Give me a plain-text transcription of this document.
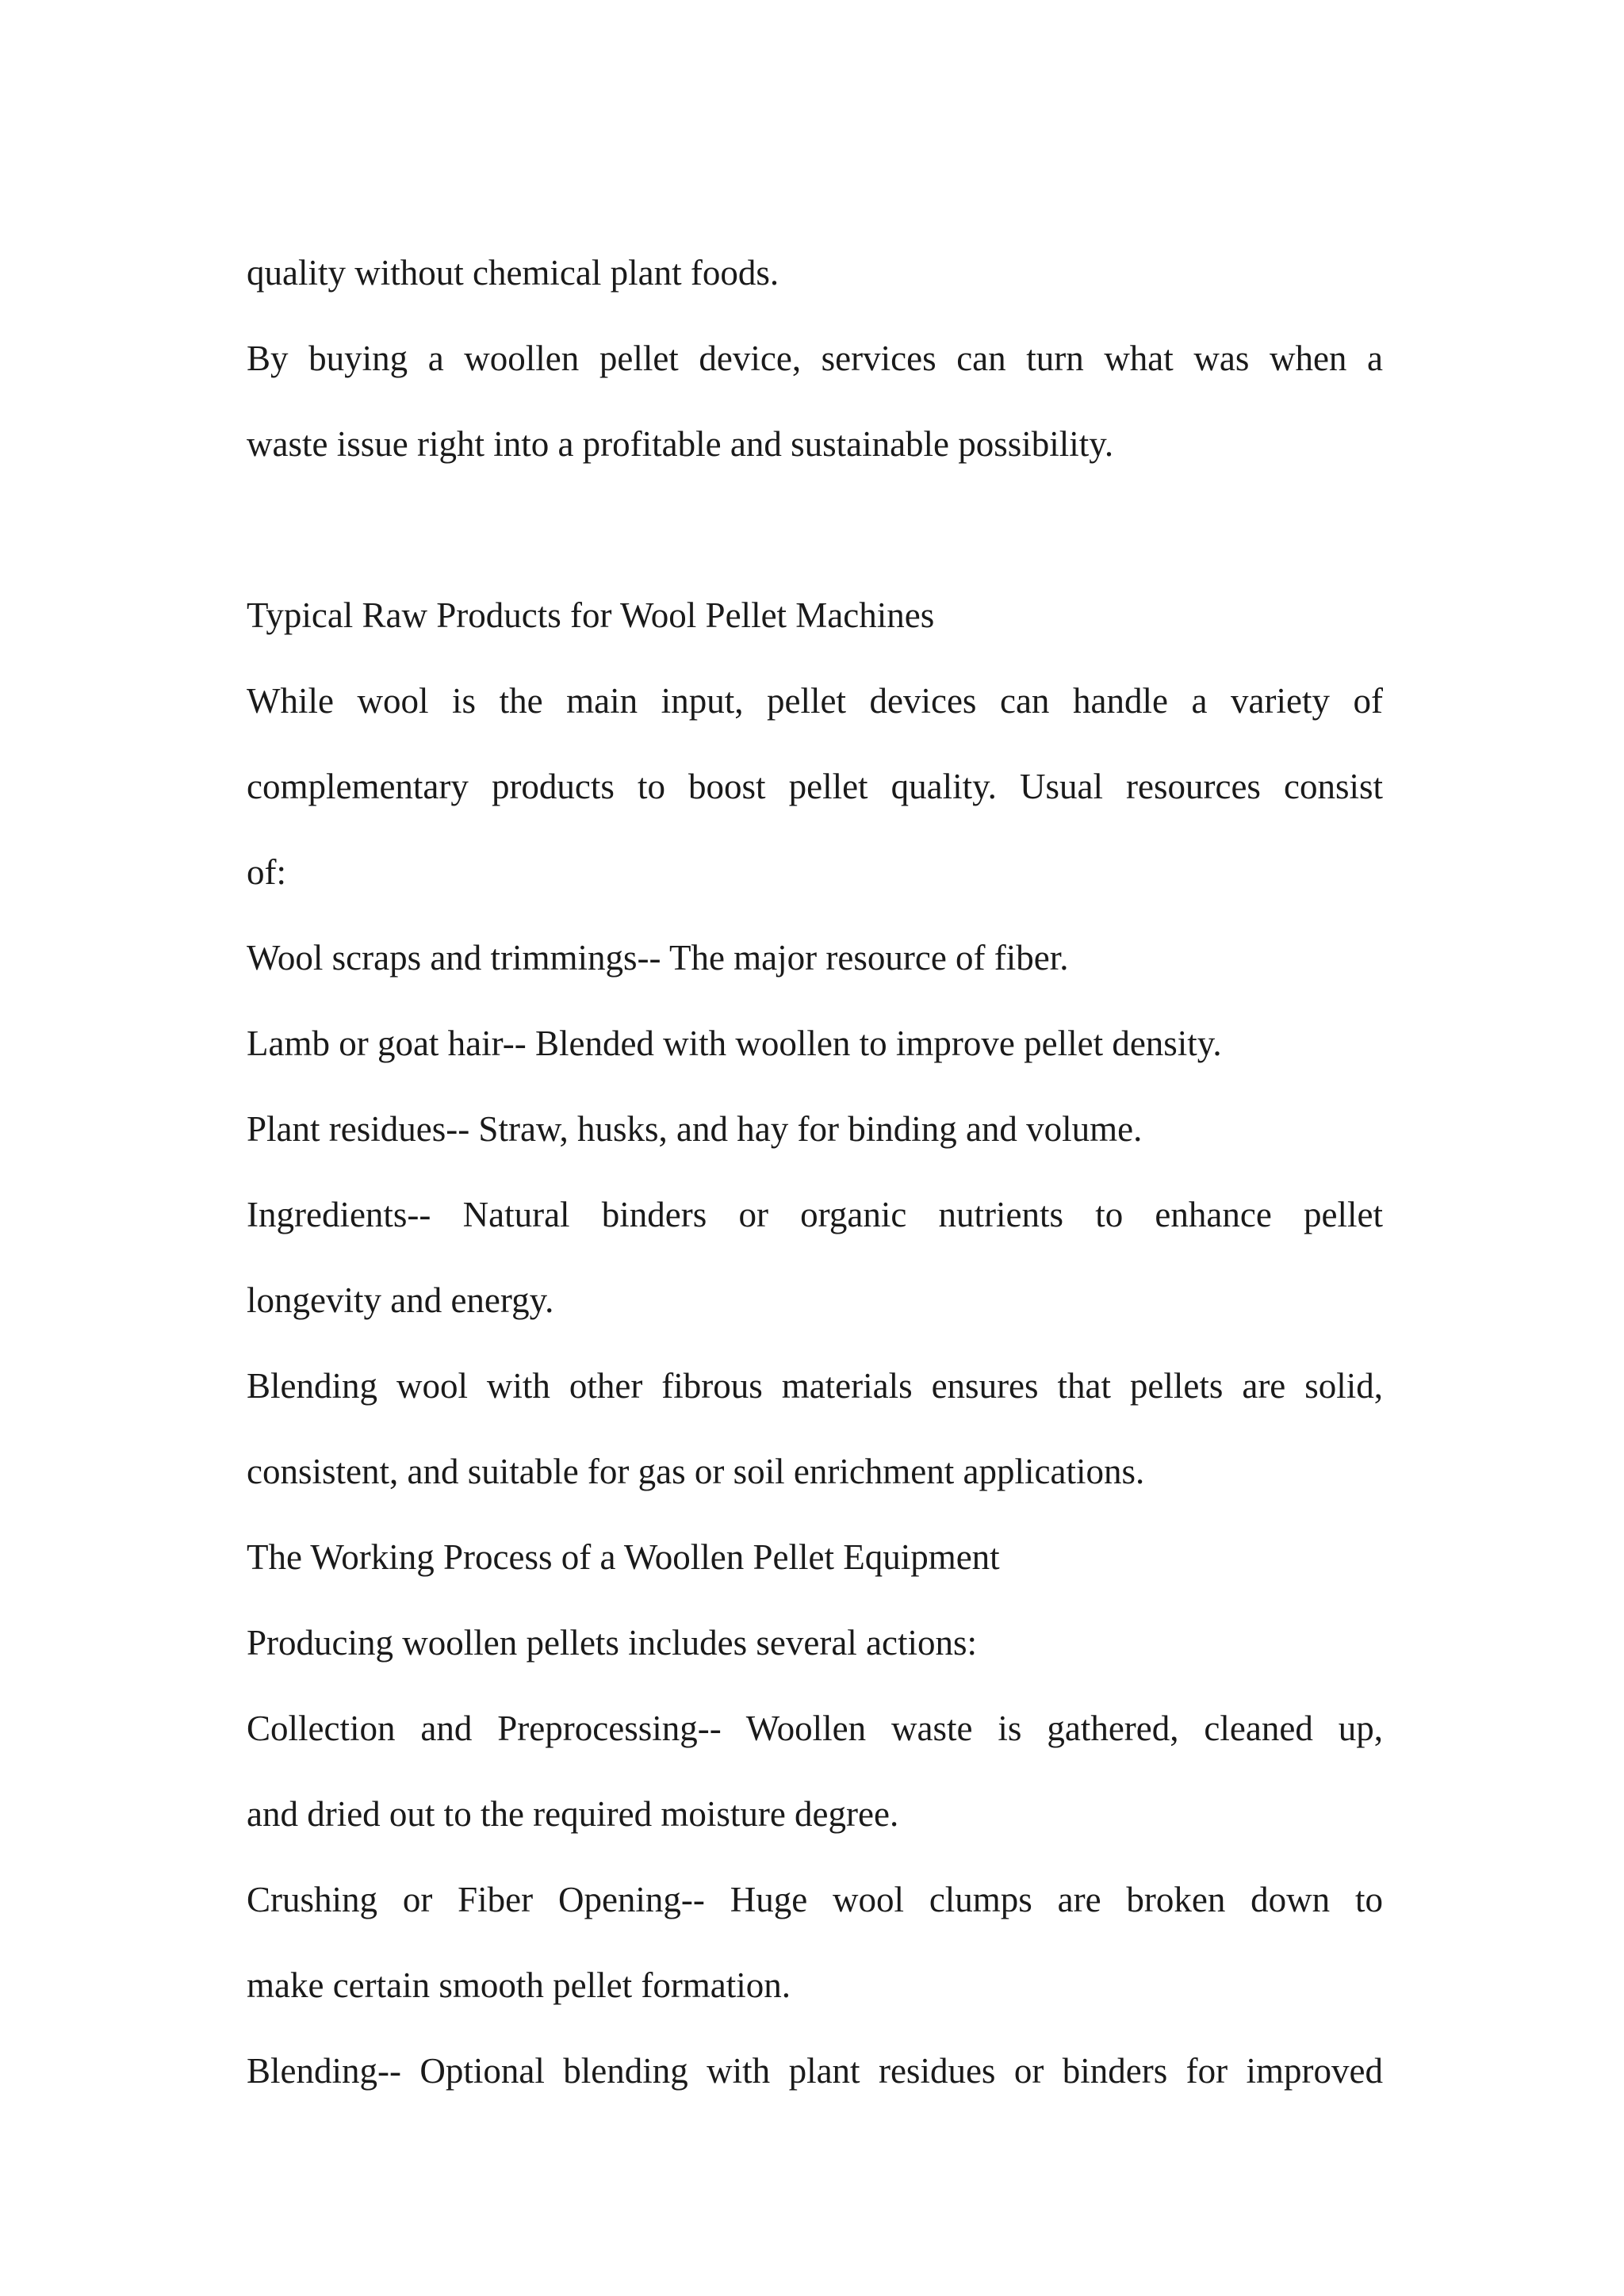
quality without chemical plant foods.
By buying a woollen pellet device, services can turn what was when a
waste issue right into a profitable and sustainable possibility.
Typical Raw Products for Wool Pellet Machines
While wool is the main input, pellet devices can handle a variety of
complementary products to boost pellet quality. Usual resources consist
of:
Wool scraps and trimmings-- The major resource of fiber.
Lamb or goat hair-- Blended with woollen to improve pellet density.
Plant residues-- Straw, husks, and hay for binding and volume.
Ingredients-- Natural binders or organic nutrients to enhance pellet
longevity and energy.
Blending wool with other fibrous materials ensures that pellets are solid,
consistent, and suitable for gas or soil enrichment applications.
The Working Process of a Woollen Pellet Equipment
Producing woollen pellets includes several actions:
Collection and Preprocessing-- Woollen waste is gathered, cleaned up,
and dried out to the required moisture degree.
Crushing or Fiber Opening-- Huge wool clumps are broken down to
make certain smooth pellet formation.
Blending-- Optional blending with plant residues or binders for improved
